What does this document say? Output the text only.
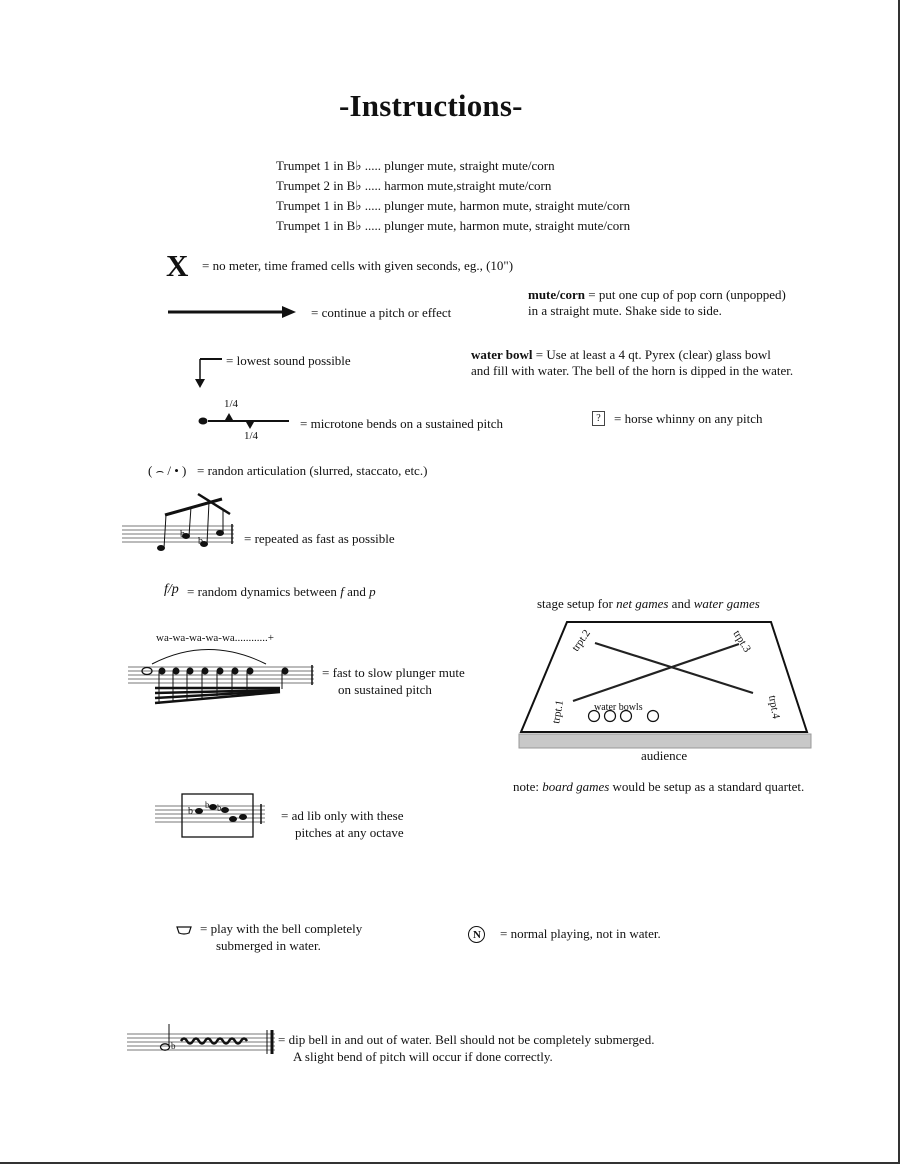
-Instructions-
Trumpet 1 in B♭ ..... plunger mute, straight mute/corn
Trumpet 2 in B♭ ..... harmon mute,straight mute/corn
Trumpet 1 in B♭ ..... plunger mute, harmon mute, straight mute/corn
Trumpet 1 in B♭ ..... plunger mute, harmon mute, straight mute/corn
X = no meter, time framed cells with given seconds, eg., (10")
= continue a pitch or effect
mute/corn = put one cup of pop corn (unpopped)
in a straight mute. Shake side to side.
= lowest sound possible	water bowl = Use at least a 4 qt. Pyrex (clear) glass bowl
and fill with water. The bell of the horn is dipped in the water.
1/4
1/4
= microtone bends on a sustained pitch	?	= horse whinny on any pitch
( ⌢ / • ) = randon articulation (slurred, staccato, etc.)
b
b	= repeated as fast as possible
f/p = random dynamics between f and p
wa-wa-wa-wa-wa............+
= fast to slow plunger mute
on sustained pitch
stage setup for net games and water games
trpt.2	trpt.3
trpt.1	trpt.4
water bowls
audience
note: board games would be setup as a standard quartet.
b
b b	= ad lib only with these
pitches at any octave
= play with the bell completely
submerged in water.
N	= normal playing, not in water.
b	= dip bell in and out of water. Bell should not be completely submerged.
A slight bend of pitch will occur if done correctly.
